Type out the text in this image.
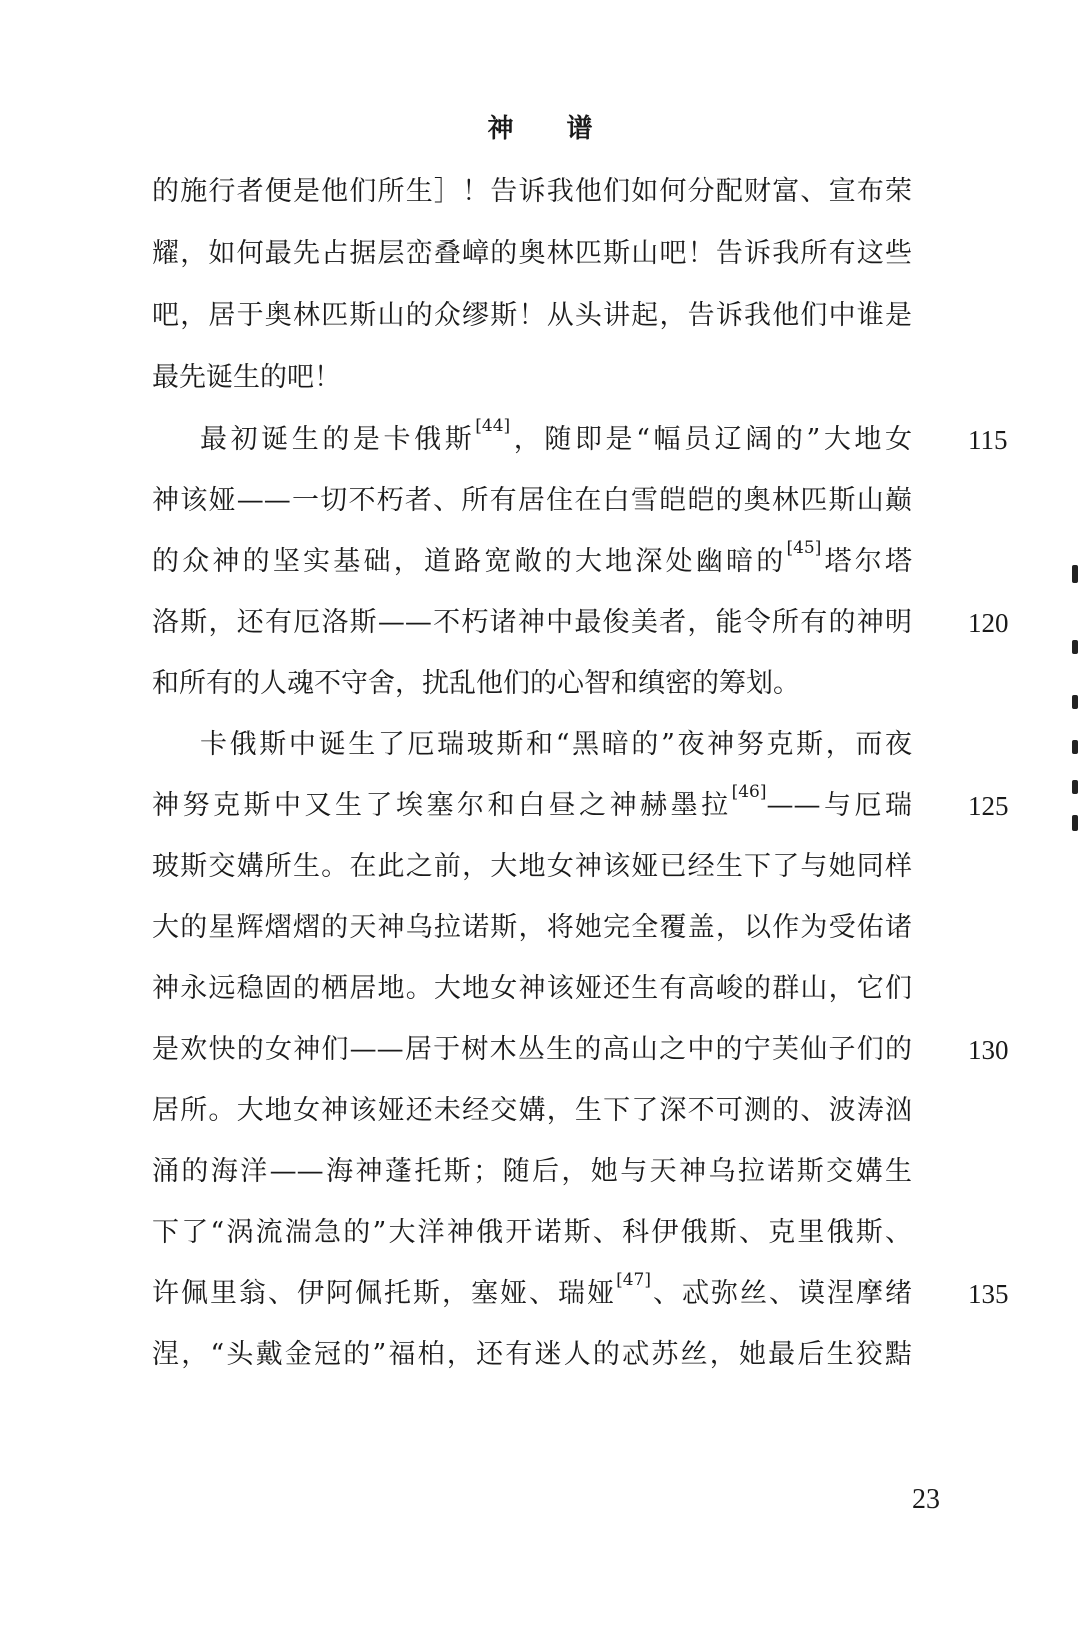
神 谱
的施行者便是他们所生］！告诉我他们如何分配财富、宣布荣
耀，如何最先占据层峦叠嶂的奥林匹斯山吧！告诉我所有这些
吧，居于奥林匹斯山的众缪斯！从头讲起，告诉我他们中谁是
最先诞生的吧！
最初诞生的是卡俄斯[44]，随即是“幅员辽阔的”大地女
神该娅——一切不朽者、所有居住在白雪皑皑的奥林匹斯山巅
的众神的坚实基础，道路宽敞的大地深处幽暗的[45]塔尔塔
洛斯，还有厄洛斯——不朽诸神中最俊美者，能令所有的神明
和所有的人魂不守舍，扰乱他们的心智和缜密的筹划。
卡俄斯中诞生了厄瑞玻斯和“黑暗的”夜神努克斯，而夜
神努克斯中又生了埃塞尔和白昼之神赫墨拉[46]——与厄瑞
玻斯交媾所生。在此之前，大地女神该娅已经生下了与她同样
大的星辉熠熠的天神乌拉诺斯，将她完全覆盖，以作为受佑诸
神永远稳固的栖居地。大地女神该娅还生有高峻的群山，它们
是欢快的女神们——居于树木丛生的高山之中的宁芙仙子们的
居所。大地女神该娅还未经交媾，生下了深不可测的、波涛汹
涌的海洋——海神蓬托斯；随后，她与天神乌拉诺斯交媾生
下了“涡流湍急的”大洋神俄开诺斯、科伊俄斯、克里俄斯、
许佩里翁、伊阿佩托斯，塞娅、瑞娅[47]、忒弥丝、谟涅摩绪
涅，“头戴金冠的”福柏，还有迷人的忒苏丝，她最后生狡黠
115
120
125
130
135
23
